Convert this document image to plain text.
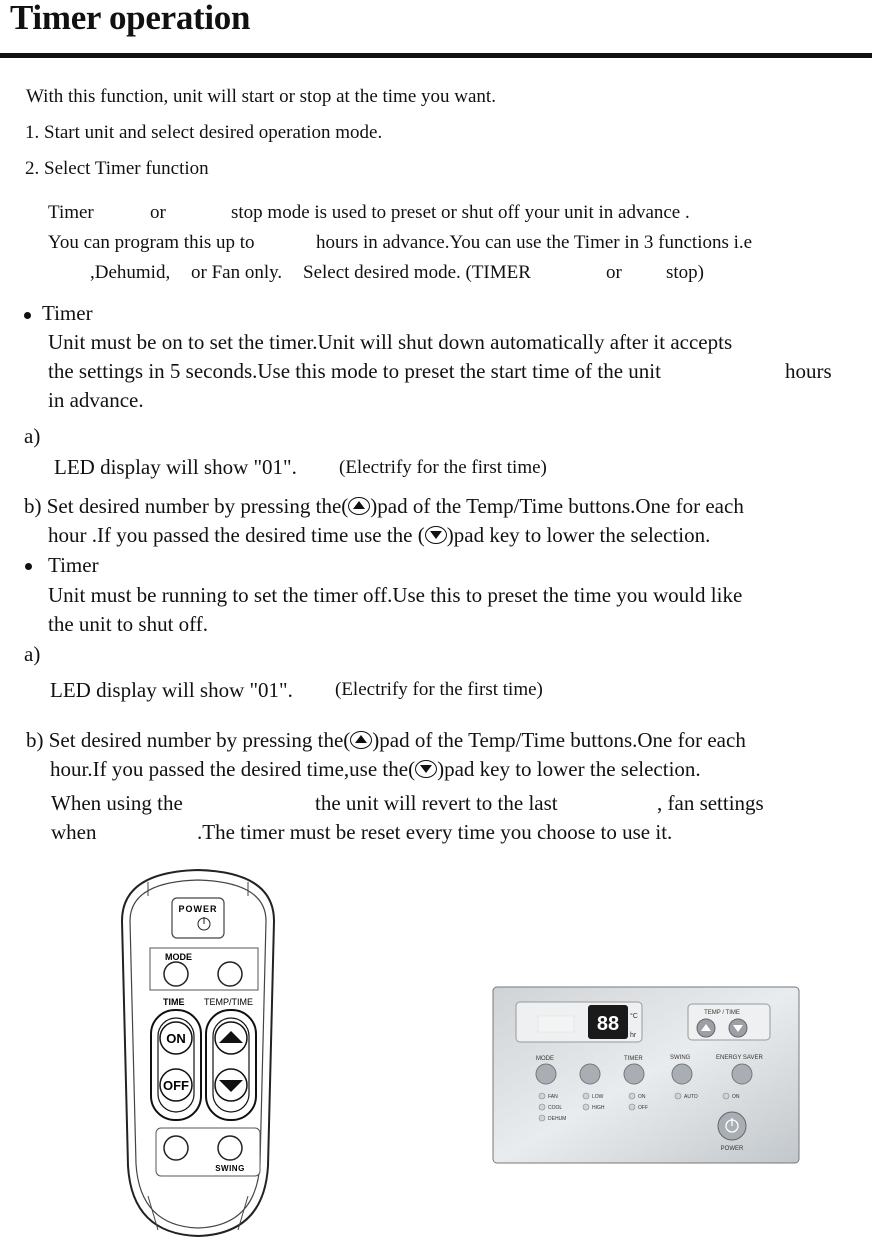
Timer operation
With this function, unit will start or stop at the time you want.
1. Start unit and select desired operation mode.
2. Select Timer function
Timer	or	stop mode is used to preset or shut off your unit in advance .
You can program this up to	hours in advance.You can use the Timer in 3 functions i.e
,Dehumid, or Fan only. Select desired mode. (TIMER	or stop)
Timer
Unit must be on to set the timer.Unit will shut down automatically after it accepts
the settings in 5 seconds.Use this mode to preset the start time of the unit	hours
in advance.
a)
LED display will show "01". (Electrify for the first time)
b) Set desired number by pressing the( )pad of the Temp/Time buttons.One for each
hour .If you passed the desired time use the ( )pad key to lower the selection.
Timer
Unit must be running to set the timer off.Use this to preset the time you would like
the unit to shut off.
a)
LED display will show "01". (Electrify for the first time)
b) Set desired number by pressing the( )pad of the Temp/Time buttons.One for each
hour.If you passed the desired time,use the( )pad key to lower the selection.
When using the	the unit will revert to the last	, fan settings
when	.The timer must be reset every time you choose to use it.
POWER
MODE
TIME TEMP/TIME
ON
OFF
SWING
88 °C
hr
TEMP / TIME
MODE	TIMER	SWING	ENERGY SAVER
FAN
COOL
DEHUM
LOW
HIGH
ON
OFF
AUTO	ON
POWER
